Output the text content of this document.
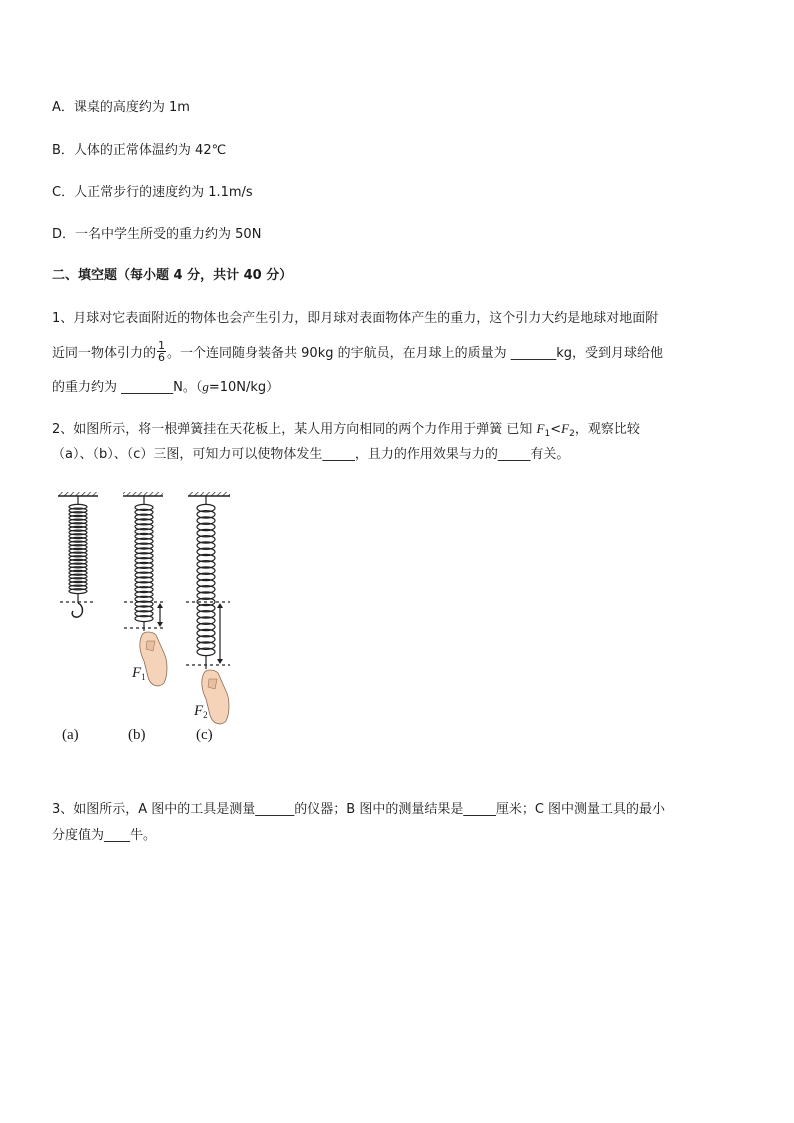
A．课桌的高度约为 1m
B．人体的正常体温约为 42℃
C．人正常步行的速度约为 1.1m/s
D．一名中学生所受的重力约为 50N
二、填空题（每小题 4 分，共计 40 分）
1、月球对它表面附近的物体也会产生引力，即月球对表面物体产生的重力，这个引力大约是地球对地面附
近同一物体引力的 $\frac{1}{6}$ 。一个连同随身装备共 90kg 的宇航员，在月球上的质量为 _______kg，受到月球给他
的重力约为 ________N。（g=10N/kg）
2、如图所示，将一根弹簧挂在天花板上，某人用方向相同的两个力作用于弹簧 已知 $F_1<F_2$，观察比较
（a）、（b）、（c）三图，可知力可以使物体发生_____，且力的作用效果与力的_____有关。
$F_1$
$F_2$
(a)	(b)	(c)
3、如图所示，A 图中的工具是测量______的仪器；B 图中的测量结果是_____厘米；C 图中测量工具的最小
分度值为____牛。
